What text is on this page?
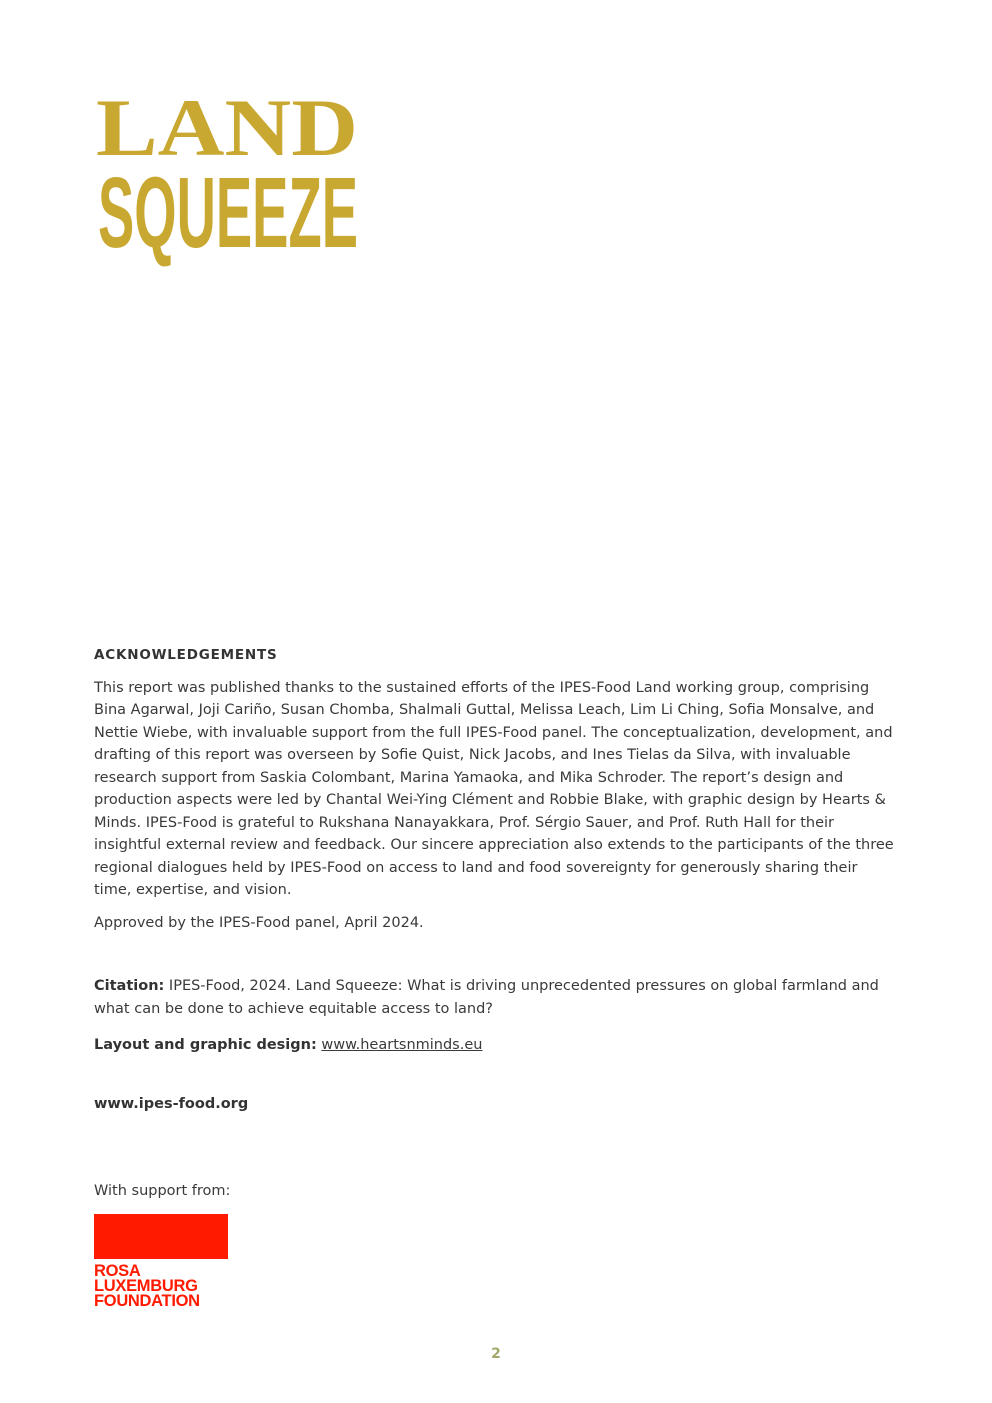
LAND
SQUEEZE
ACKNOWLEDGEMENTS

This report was published thanks to the sustained efforts of the IPES-Food Land working group, comprising Bina Agarwal, Joji Cariño, Susan Chomba, Shalmali Guttal, Melissa Leach, Lim Li Ching, Sofia Monsalve, and Nettie Wiebe, with invaluable support from the full IPES-Food panel. The conceptualization, development, and drafting of this report was overseen by Sofie Quist, Nick Jacobs, and Ines Tielas da Silva, with invaluable research support from Saskia Colombant, Marina Yamaoka, and Mika Schroder. The report’s design and production aspects were led by Chantal Wei-Ying Clément and Robbie Blake, with graphic design by Hearts & Minds. IPES-Food is grateful to Rukshana Nanayakkara, Prof. Sérgio Sauer, and Prof. Ruth Hall for their insightful external review and feedback. Our sincere appreciation also extends to the participants of the three regional dialogues held by IPES-Food on access to land and food sovereignty for generously sharing their time, expertise, and vision.

Approved by the IPES-Food panel, April 2024.

Citation: IPES-Food, 2024. Land Squeeze: What is driving unprecedented pressures on global farmland and what can be done to achieve equitable access to land?

Layout and graphic design: www.heartsnminds.eu

www.ipes-food.org

With support from:
ROSA
LUXEMBURG
FOUNDATION
2
